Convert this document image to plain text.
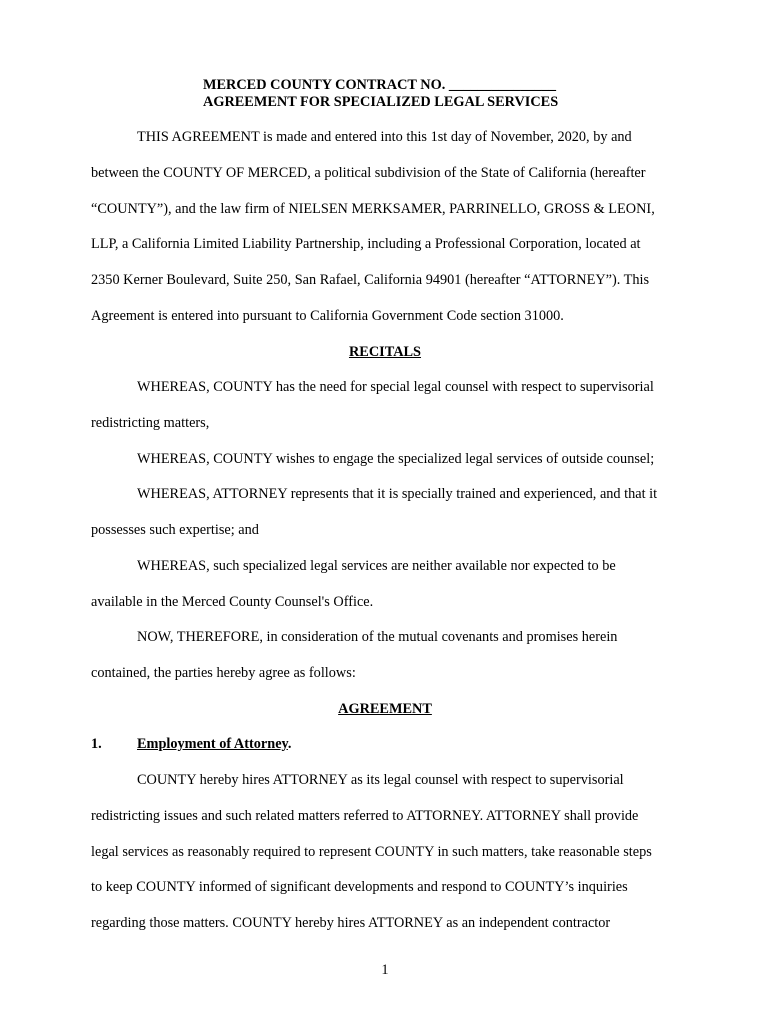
MERCED COUNTY CONTRACT NO. _______________
AGREEMENT FOR SPECIALIZED LEGAL SERVICES
THIS AGREEMENT is made and entered into this 1st day of November, 2020, by and
between the COUNTY OF MERCED, a political subdivision of the State of California (hereafter
“COUNTY”), and the law firm of NIELSEN MERKSAMER, PARRINELLO, GROSS & LEONI,
LLP, a California Limited Liability Partnership, including a Professional Corporation, located at
2350 Kerner Boulevard, Suite 250, San Rafael, California 94901 (hereafter “ATTORNEY”). This
Agreement is entered into pursuant to California Government Code section 31000.
RECITALS
WHEREAS, COUNTY has the need for special legal counsel with respect to supervisorial
redistricting matters,
WHEREAS, COUNTY wishes to engage the specialized legal services of outside counsel;
WHEREAS, ATTORNEY represents that it is specially trained and experienced, and that it
possesses such expertise; and
WHEREAS, such specialized legal services are neither available nor expected to be
available in the Merced County Counsel's Office.
NOW, THEREFORE, in consideration of the mutual covenants and promises herein
contained, the parties hereby agree as follows:
AGREEMENT
1. Employment of Attorney.
COUNTY hereby hires ATTORNEY as its legal counsel with respect to supervisorial
redistricting issues and such related matters referred to ATTORNEY. ATTORNEY shall provide
legal services as reasonably required to represent COUNTY in such matters, take reasonable steps
to keep COUNTY informed of significant developments and respond to COUNTY’s inquiries
regarding those matters. COUNTY hereby hires ATTORNEY as an independent contractor
1
